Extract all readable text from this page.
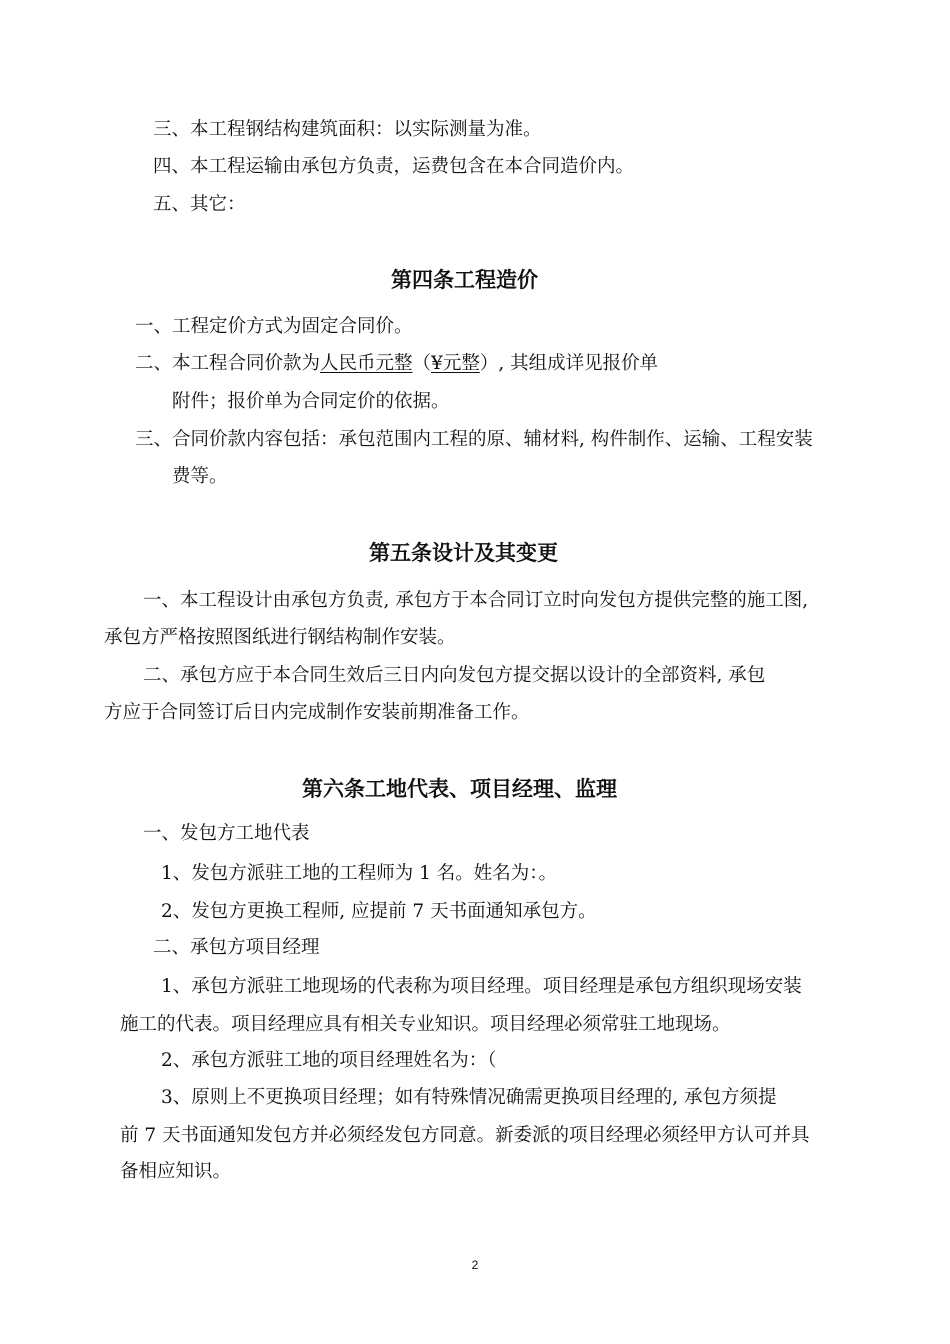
三、本工程钢结构建筑面积：以实际测量为准。
四、本工程运输由承包方负责，运费包含在本合同造价内。
五、其它：
第四条工程造价
一、工程定价方式为固定合同价。
二、本工程合同价款为人民币元整（¥元整）, 其组成详见报价单
附件；报价单为合同定价的依据。
三、合同价款内容包括：承包范围内工程的原、辅材料, 构件制作、运输、工程安装
费等。
第五条设计及其变更
一、本工程设计由承包方负责, 承包方于本合同订立时向发包方提供完整的施工图,
承包方严格按照图纸进行钢结构制作安装。
二、承包方应于本合同生效后三日内向发包方提交据以设计的全部资料, 承包
方应于合同签订后日内完成制作安装前期准备工作。
第六条工地代表、项目经理、监理
一、发包方工地代表
1、发包方派驻工地的工程师为 1 名。姓名为：。
2、发包方更换工程师, 应提前 7 天书面通知承包方。
二、承包方项目经理
1、承包方派驻工地现场的代表称为项目经理。项目经理是承包方组织现场安装
施工的代表。项目经理应具有相关专业知识。项目经理必须常驻工地现场。
2、承包方派驻工地的项目经理姓名为：（
3、原则上不更换项目经理；如有特殊情况确需更换项目经理的, 承包方须提
前 7 天书面通知发包方并必须经发包方同意。新委派的项目经理必须经甲方认可并具
备相应知识。
2
